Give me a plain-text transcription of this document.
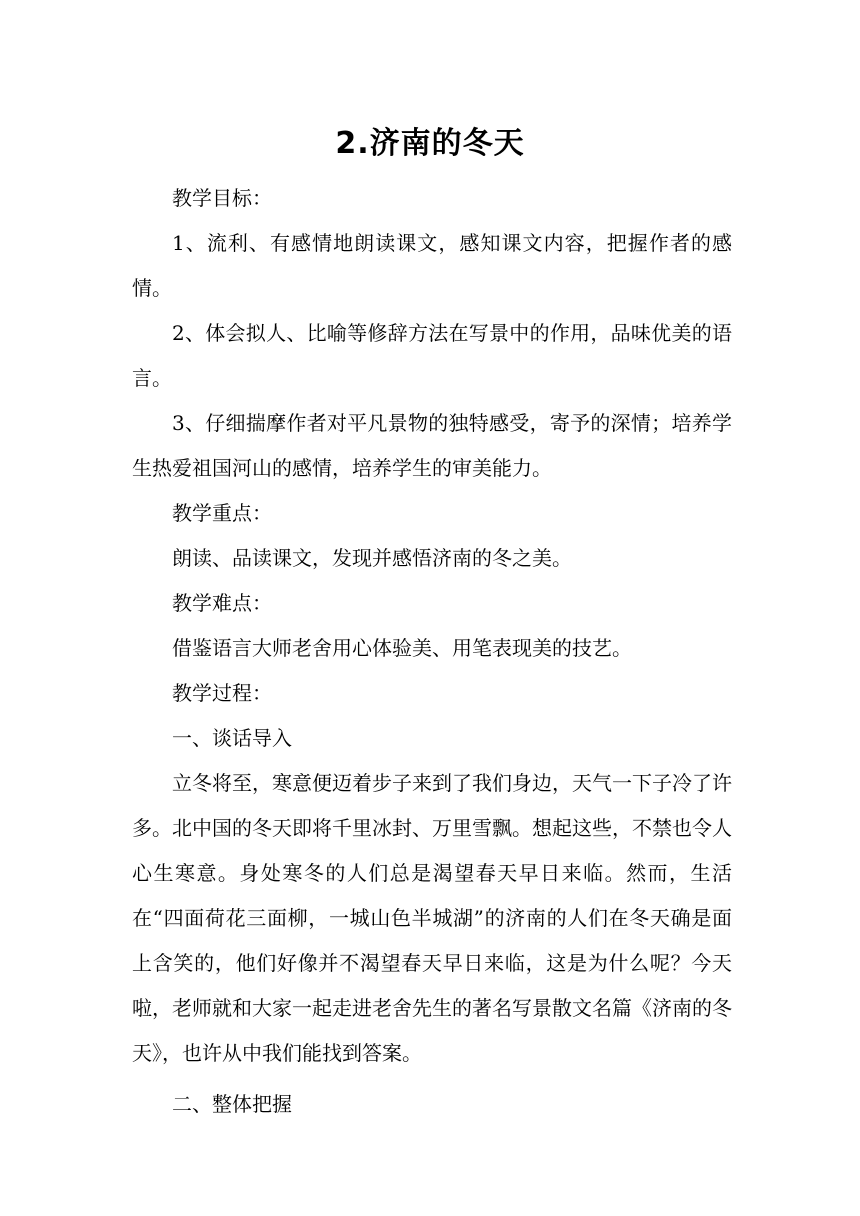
2.济南的冬天

教学目标：

1、流利、有感情地朗读课文，感知课文内容，把握作者的感情。

2、体会拟人、比喻等修辞方法在写景中的作用，品味优美的语言。

3、仔细揣摩作者对平凡景物的独特感受，寄予的深情；培养学生热爱祖国河山的感情，培养学生的审美能力。

教学重点：

朗读、品读课文，发现并感悟济南的冬之美。

教学难点：

借鉴语言大师老舍用心体验美、用笔表现美的技艺。

教学过程：

一、谈话导入

立冬将至，寒意便迈着步子来到了我们身边，天气一下子冷了许多。北中国的冬天即将千里冰封、万里雪飘。想起这些，不禁也令人心生寒意。身处寒冬的人们总是渴望春天早日来临。然而，生活在“四面荷花三面柳，一城山色半城湖”的济南的人们在冬天确是面上含笑的，他们好像并不渴望春天早日来临，这是为什么呢？今天啦，老师就和大家一起走进老舍先生的著名写景散文名篇《济南的冬天》，也许从中我们能找到答案。

二、整体把握
